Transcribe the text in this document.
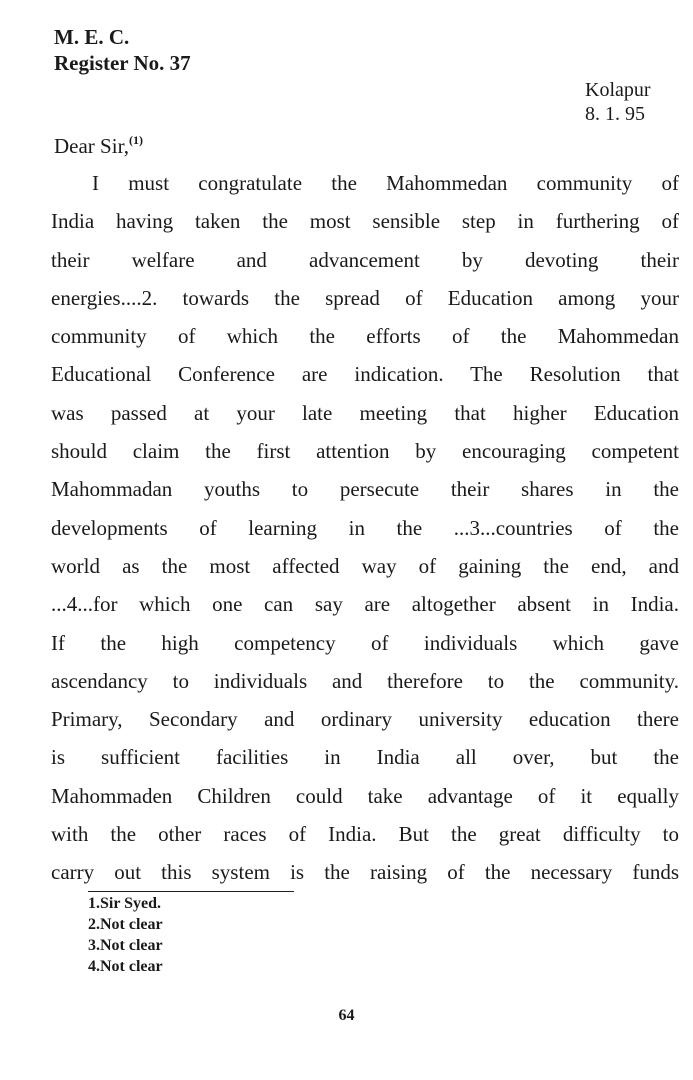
M. E. C.
Register No. 37
Kolapur
8. 1. 95
Dear Sir,$^{(1)}$
I must congratulate the Mahommedan community of
India having taken the most sensible step in furthering of
their welfare and advancement by devoting their
energies....2. towards the spread of Education among your
community of which the efforts of the Mahommedan
Educational Conference are indication. The Resolution that
was passed at your late meeting that higher Education
should claim the first attention by encouraging competent
Mahommadan youths to persecute their shares in the
developments of learning in the ...3...countries of the
world as the most affected way of gaining the end, and
...4...for which one can say are altogether absent in India.
If the high competency of individuals which gave
ascendancy to individuals and therefore to the community.
Primary, Secondary and ordinary university education there
is sufficient facilities in India all over, but the
Mahommaden Children could take advantage of it equally
with the other races of India. But the great difficulty to
carry out this system is the raising of the necessary funds
1.Sir Syed.
2.Not clear
3.Not clear
4.Not clear
64
